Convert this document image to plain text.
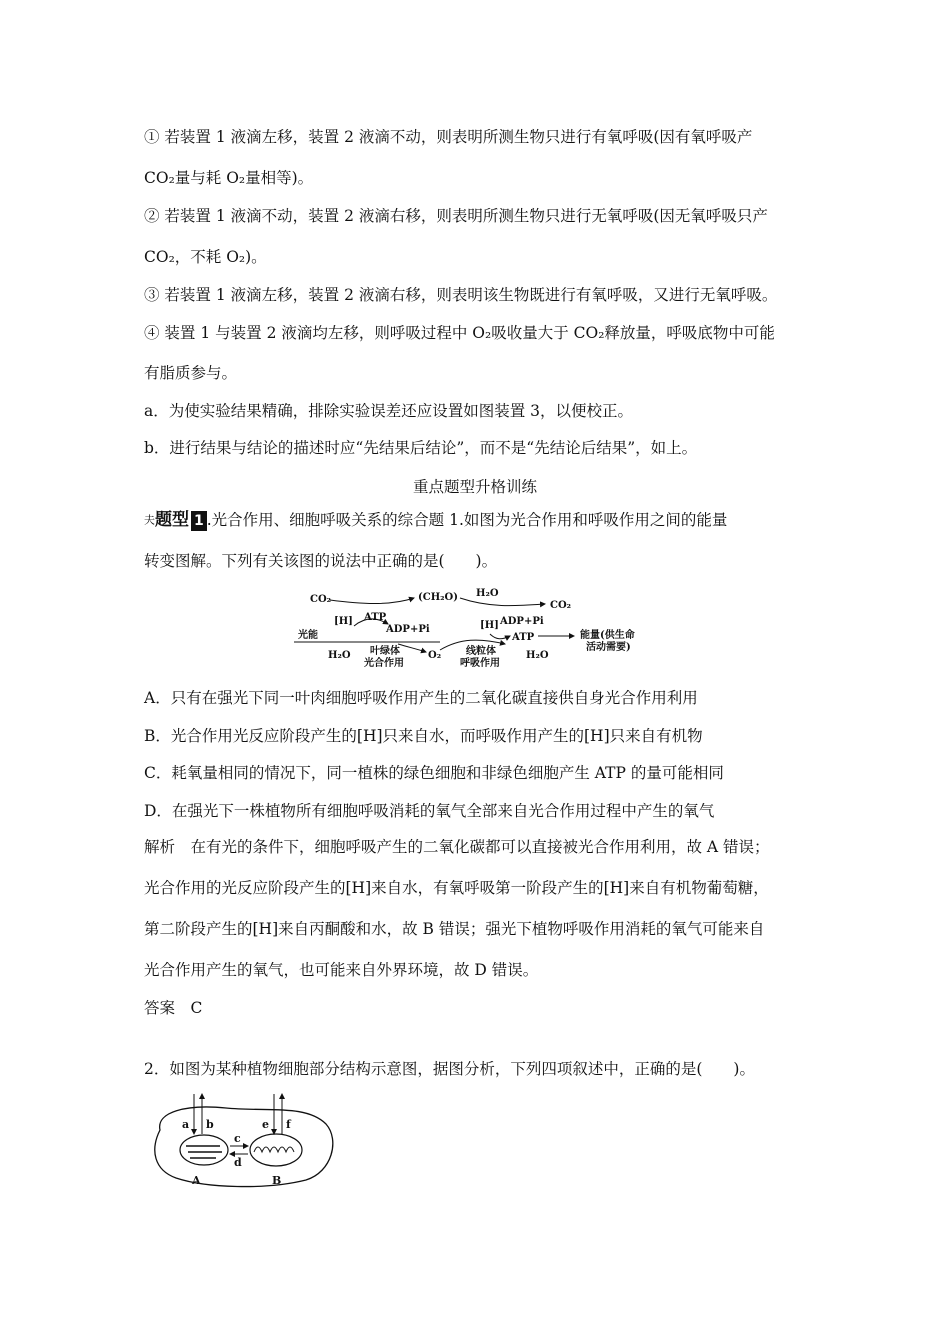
① 若装置 1 液滴左移，装置 2 液滴不动，则表明所测生物只进行有氧呼吸(因有氧呼吸产
CO₂量与耗 O₂量相等)。
② 若装置 1 液滴不动，装置 2 液滴右移，则表明所测生物只进行无氧呼吸(因无氧呼吸只产
CO₂，不耗 O₂)。
③ 若装置 1 液滴左移，装置 2 液滴右移，则表明该生物既进行有氧呼吸，又进行无氧呼吸。
④ 装置 1 与装置 2 液滴均左移，则呼吸过程中 O₂吸收量大于 CO₂释放量，呼吸底物中可能
有脂质参与。
a．为使实验结果精确，排除实验误差还应设置如图装置 3，以便校正。
b．进行结果与结论的描述时应“先结果后结论”，而不是“先结论后结果”，如上。
重点题型升格训练
夫题型 1 .光合作用、细胞呼吸关系的综合题 1.如图为光合作用和呼吸作用之间的能量
转变图解。下列有关该图的说法中正确的是(　　)。
CO₂	(CH₂O) H₂O
CO₂
[H] ATP
ADP+Pi	[H] ADP+Pi
ATP
光能	能量(供生命
活动需要)
H₂O 叶绿体
光合作用
O₂ 线粒体
呼吸作用
H₂O
A．只有在强光下同一叶肉细胞呼吸作用产生的二氧化碳直接供自身光合作用利用
B．光合作用光反应阶段产生的[H]只来自水，而呼吸作用产生的[H]只来自有机物
C．耗氧量相同的情况下，同一植株的绿色细胞和非绿色细胞产生 ATP 的量可能相同
D．在强光下一株植物所有细胞呼吸消耗的氧气全部来自光合作用过程中产生的氧气
解析　在有光的条件下，细胞呼吸产生的二氧化碳都可以直接被光合作用利用，故 A 错误；
光合作用的光反应阶段产生的[H]来自水，有氧呼吸第一阶段产生的[H]来自有机物葡萄糖，
第二阶段产生的[H]来自丙酮酸和水，故 B 错误；强光下植物呼吸作用消耗的氧气可能来自
光合作用产生的氧气，也可能来自外界环境，故 D 错误。
答案　C
2．如图为某种植物细胞部分结构示意图，据图分析，下列四项叙述中，正确的是(　　)。
a b
c
d
e f
A	B
